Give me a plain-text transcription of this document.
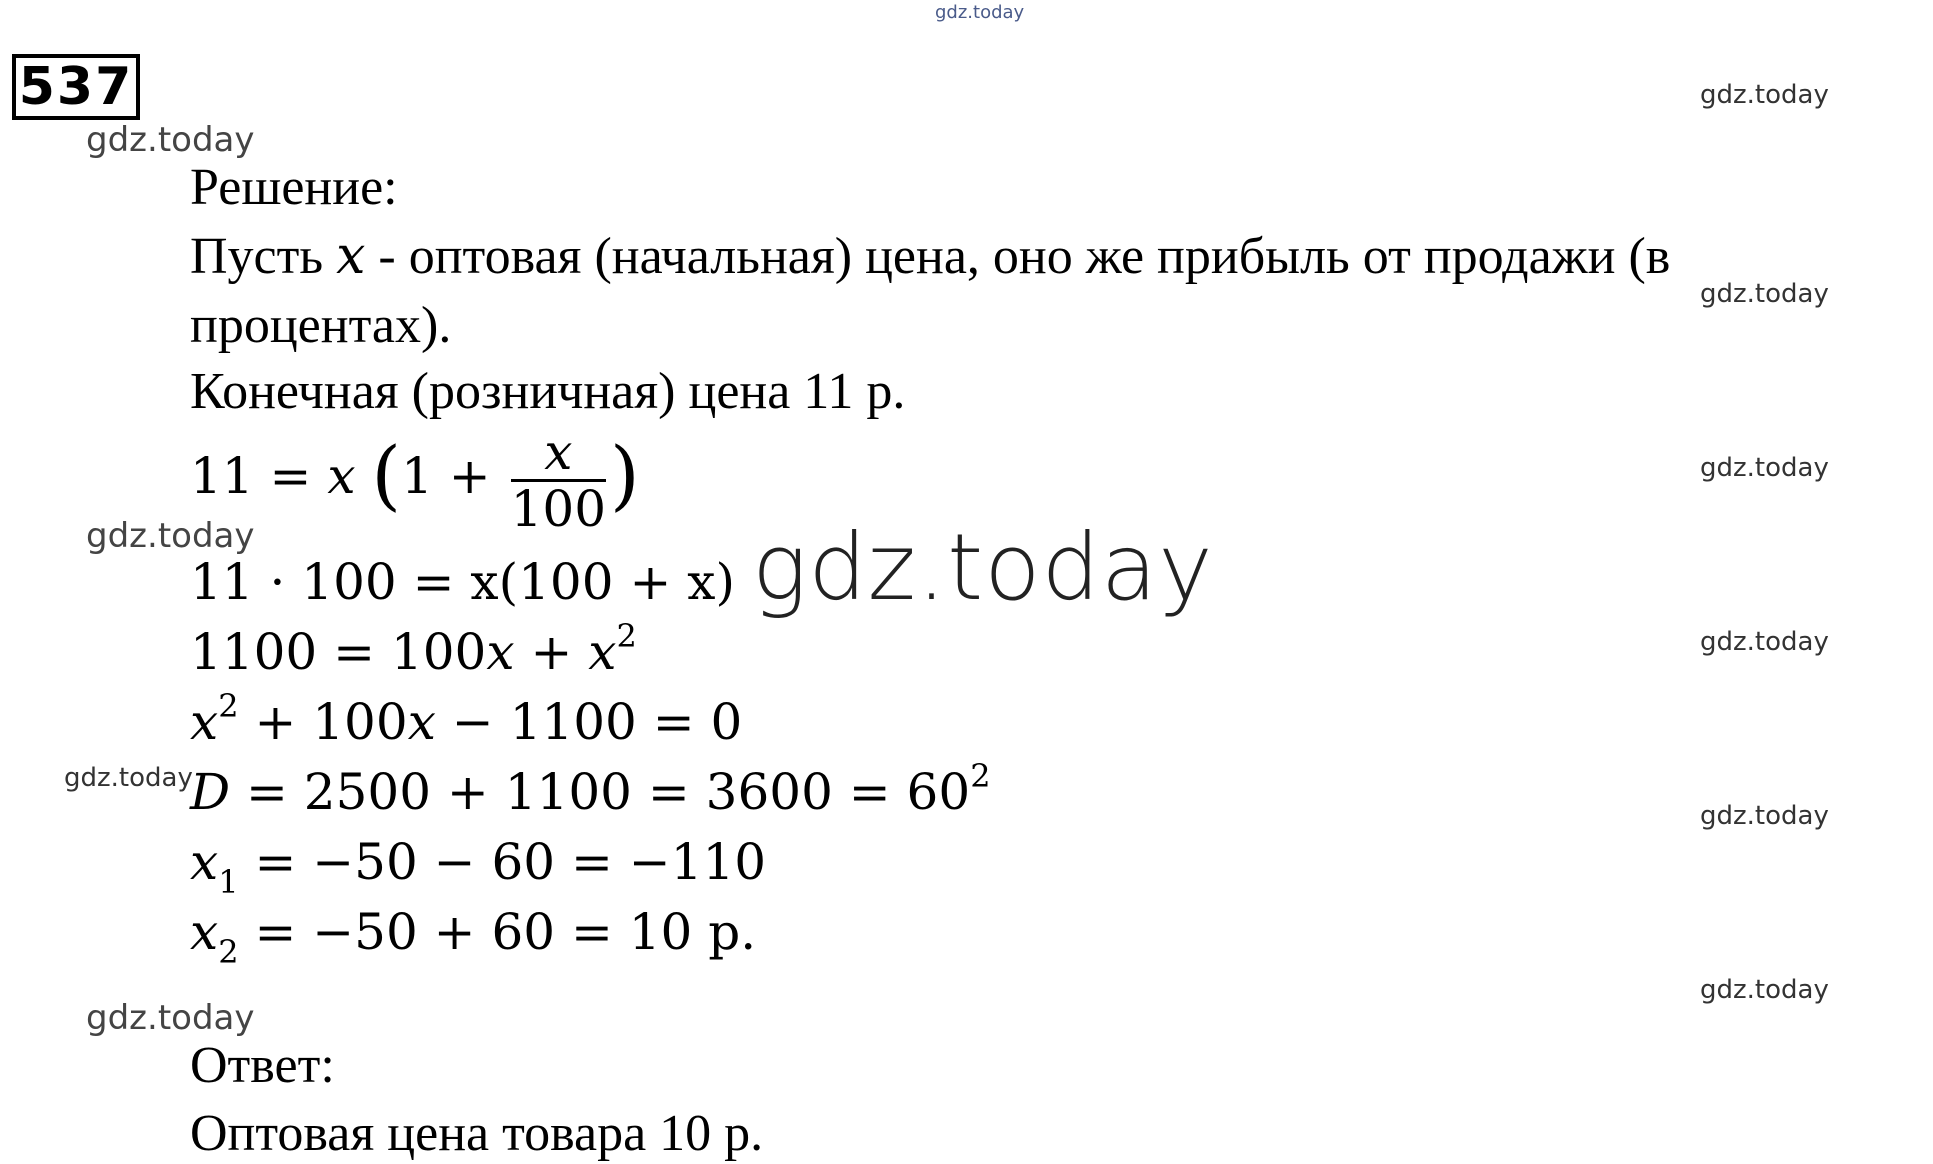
gdz.today
537
gdz.today
gdz.today
gdz.today
gdz.today
gdz.today
gdz.today
gdz.today
gdz.today
gdz.today
gdz.today
Решение:
Пусть x - оптовая (начальная) цена, оно же прибыль от продажи (в
процентах).
Конечная (розничная) цена 11 р.
11 = x ($1 + \frac{x}{100}$ )
11 · 100 = x(100 + x)
$1100 = 100x + x^2$
$x^2 + 100x - 1100 = 0$
$D = 2500 + 1100 = 3600 = 60^2$
$x_1 = -50 - 60 = -110$
$x_2 = -50 + 60 = 10$ р.
Ответ:
Оптовая цена товара 10 р.
gdz.today
